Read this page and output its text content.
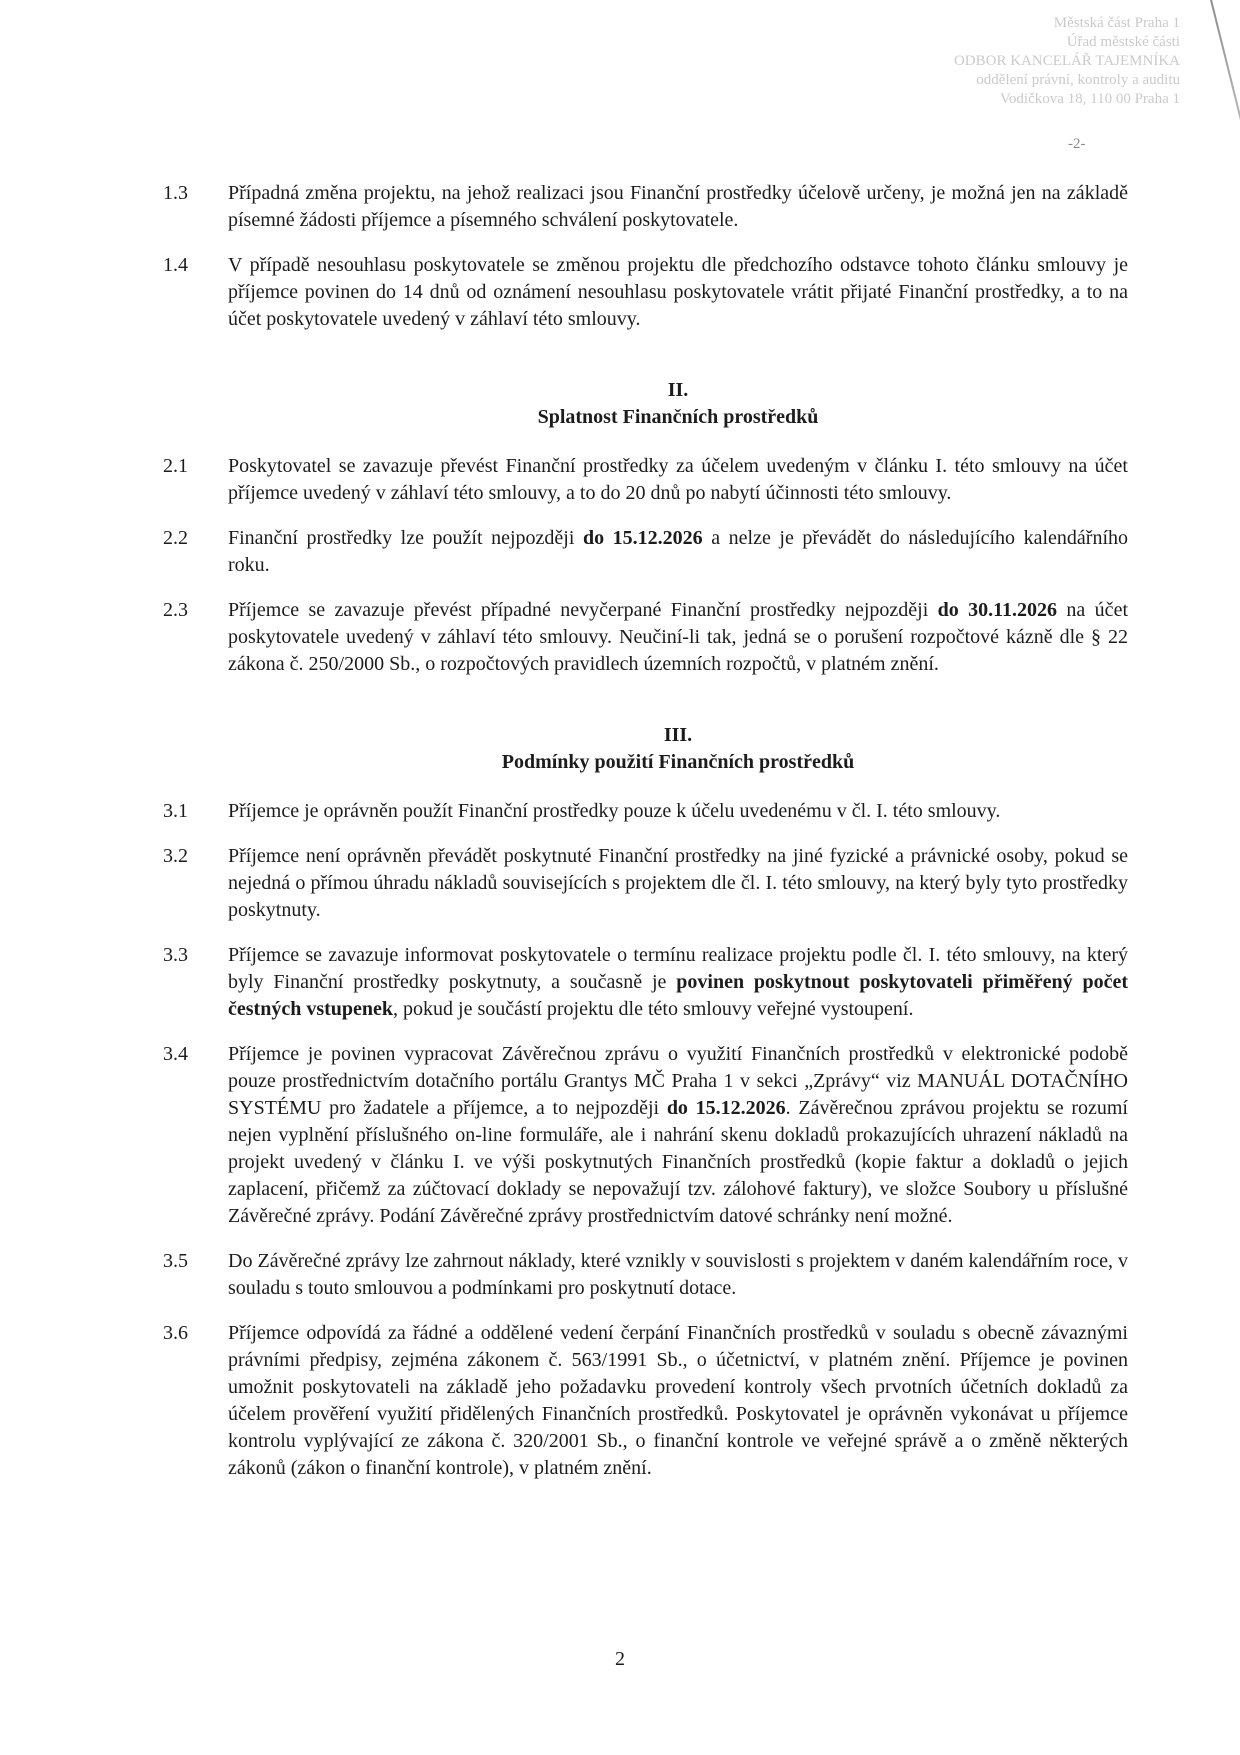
Městská část Praha 1
Úřad městské části
ODBOR KANCELÁŘ TAJEMNÍKA
oddělení právní, kontroly a auditu
Vodičkova 18, 110 00 Praha 1
-2-
1.3 Případná změna projektu, na jehož realizaci jsou Finanční prostředky účelově určeny, je možná jen na základě písemné žádosti příjemce a písemného schválení poskytovatele.
1.4 V případě nesouhlasu poskytovatele se změnou projektu dle předchozího odstavce tohoto článku smlouvy je příjemce povinen do 14 dnů od oznámení nesouhlasu poskytovatele vrátit přijaté Finanční prostředky, a to na účet poskytovatele uvedený v záhlaví této smlouvy.
II.
Splatnost Finančních prostředků
2.1 Poskytovatel se zavazuje převést Finanční prostředky za účelem uvedeným v článku I. této smlouvy na účet příjemce uvedený v záhlaví této smlouvy, a to do 20 dnů po nabytí účinnosti této smlouvy.
2.2 Finanční prostředky lze použít nejpozději do 15.12.2026 a nelze je převádět do následujícího kalendářního roku.
2.3 Příjemce se zavazuje převést případné nevyčerpané Finanční prostředky nejpozději do 30.11.2026 na účet poskytovatele uvedený v záhlaví této smlouvy. Neučiní-li tak, jedná se o porušení rozpočtové kázně dle § 22 zákona č. 250/2000 Sb., o rozpočtových pravidlech územních rozpočtů, v platném znění.
III.
Podmínky použití Finančních prostředků
3.1 Příjemce je oprávněn použít Finanční prostředky pouze k účelu uvedenému v čl. I. této smlouvy.
3.2 Příjemce není oprávněn převádět poskytnuté Finanční prostředky na jiné fyzické a právnické osoby, pokud se nejedná o přímou úhradu nákladů souvisejících s projektem dle čl. I. této smlouvy, na který byly tyto prostředky poskytnuty.
3.3 Příjemce se zavazuje informovat poskytovatele o termínu realizace projektu podle čl. I. této smlouvy, na který byly Finanční prostředky poskytnuty, a současně je povinen poskytnout poskytovateli přiměřený počet čestných vstupenek, pokud je součástí projektu dle této smlouvy veřejné vystoupení.
3.4 Příjemce je povinen vypracovat Závěrečnou zprávu o využití Finančních prostředků v elektronické podobě pouze prostřednictvím dotačního portálu Grantys MČ Praha 1 v sekci „Zprávy“ viz MANUÁL DOTAČNÍHO SYSTÉMU pro žadatele a příjemce, a to nejpozději do 15.12.2026. Závěrečnou zprávou projektu se rozumí nejen vyplnění příslušného on-line formuláře, ale i nahrání skenu dokladů prokazujících uhrazení nákladů na projekt uvedený v článku I. ve výši poskytnutých Finančních prostředků (kopie faktur a dokladů o jejich zaplacení, přičemž za zúčtovací doklady se nepovažují tzv. zálohové faktury), ve složce Soubory u příslušné Závěrečné zprávy. Podání Závěrečné zprávy prostřednictvím datové schránky není možné.
3.5 Do Závěrečné zprávy lze zahrnout náklady, které vznikly v souvislosti s projektem v daném kalendářním roce, v souladu s touto smlouvou a podmínkami pro poskytnutí dotace.
3.6 Příjemce odpovídá za řádné a oddělené vedení čerpání Finančních prostředků v souladu s obecně závaznými právními předpisy, zejména zákonem č. 563/1991 Sb., o účetnictví, v platném znění. Příjemce je povinen umožnit poskytovateli na základě jeho požadavku provedení kontroly všech prvotních účetních dokladů za účelem prověření využití přidělených Finančních prostředků. Poskytovatel je oprávněn vykonávat u příjemce kontrolu vyplývající ze zákona č. 320/2001 Sb., o finanční kontrole ve veřejné správě a o změně některých zákonů (zákon o finanční kontrole), v platném znění.
2
